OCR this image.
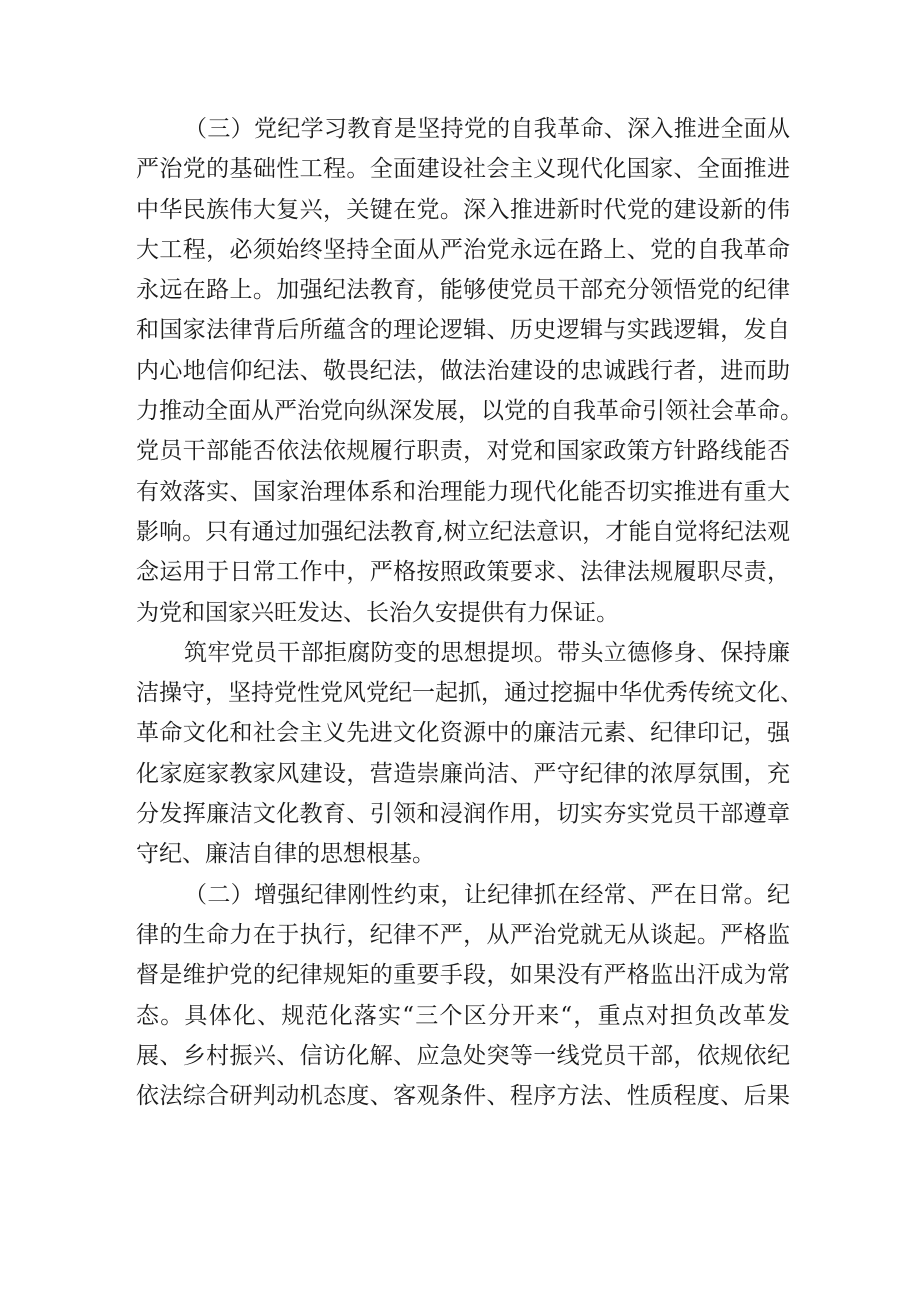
（三）党纪学习教育是坚持党的自我革命、深入推进全面从
严治党的基础性工程。全面建设社会主义现代化国家、全面推进
中华民族伟大复兴，关键在党。深入推进新时代党的建设新的伟
大工程，必须始终坚持全面从严治党永远在路上、党的自我革命
永远在路上。加强纪法教育，能够使党员干部充分领悟党的纪律
和国家法律背后所蕴含的理论逻辑、历史逻辑与实践逻辑，发自
内心地信仰纪法、敬畏纪法，做法治建设的忠诚践行者，进而助
力推动全面从严治党向纵深发展，以党的自我革命引领社会革命。
党员干部能否依法依规履行职责，对党和国家政策方针路线能否
有效落实、国家治理体系和治理能力现代化能否切实推进有重大
影响。只有通过加强纪法教育,树立纪法意识，才能自觉将纪法观
念运用于日常工作中，严格按照政策要求、法律法规履职尽责，
为党和国家兴旺发达、长治久安提供有力保证。
筑牢党员干部拒腐防变的思想提坝。带头立德修身、保持廉
洁操守，坚持党性党风党纪一起抓，通过挖掘中华优秀传统文化、
革命文化和社会主义先进文化资源中的廉洁元素、纪律印记，强
化家庭家教家风建设，营造崇廉尚洁、严守纪律的浓厚氛围，充
分发挥廉洁文化教育、引领和浸润作用，切实夯实党员干部遵章
守纪、廉洁自律的思想根基。
（二）增强纪律刚性约束，让纪律抓在经常、严在日常。纪
律的生命力在于执行，纪律不严，从严治党就无从谈起。严格监
督是维护党的纪律规矩的重要手段，如果没有严格监出汗成为常
态。具体化、规范化落实“三个区分开来“，重点对担负改革发
展、乡村振兴、信访化解、应急处突等一线党员干部，依规依纪
依法综合研判动机态度、客观条件、程序方法、性质程度、后果
